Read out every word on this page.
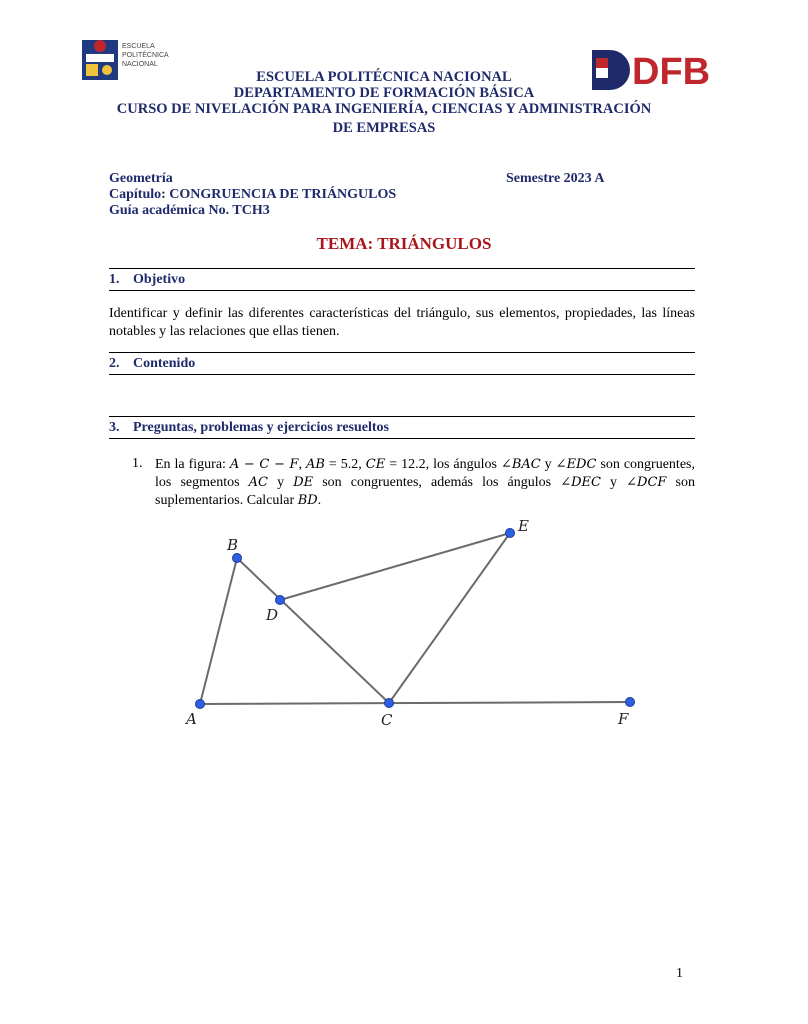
ESCUELA
POLITÉCNICA
NACIONAL	DFB
ESCUELA POLITÉCNICA NACIONAL
DEPARTAMENTO DE FORMACIÓN BÁSICA
CURSO DE NIVELACIÓN PARA INGENIERÍA, CIENCIAS Y ADMINISTRACIÓN
DE EMPRESAS
Geometría	Semestre 2023 A
Capítulo: CONGRUENCIA DE TRIÁNGULOS
Guía académica No. TCH3
TEMA: TRIÁNGULOS
1. Objetivo
Identificar y definir las diferentes características del triángulo, sus elementos, propiedades, las líneas notables y las relaciones que ellas tienen.
2. Contenido
3. Preguntas, problemas y ejercicios resueltos
1. En la figura: A − C − F, AB = 5.2, CE = 12.2, los ángulos ∠BAC y ∠EDC son congruentes, los segmentos AC y DE son congruentes, además los ángulos ∠DEC y ∠DCF son suplementarios. Calcular BD.
A
B
C
D
E
F
1
